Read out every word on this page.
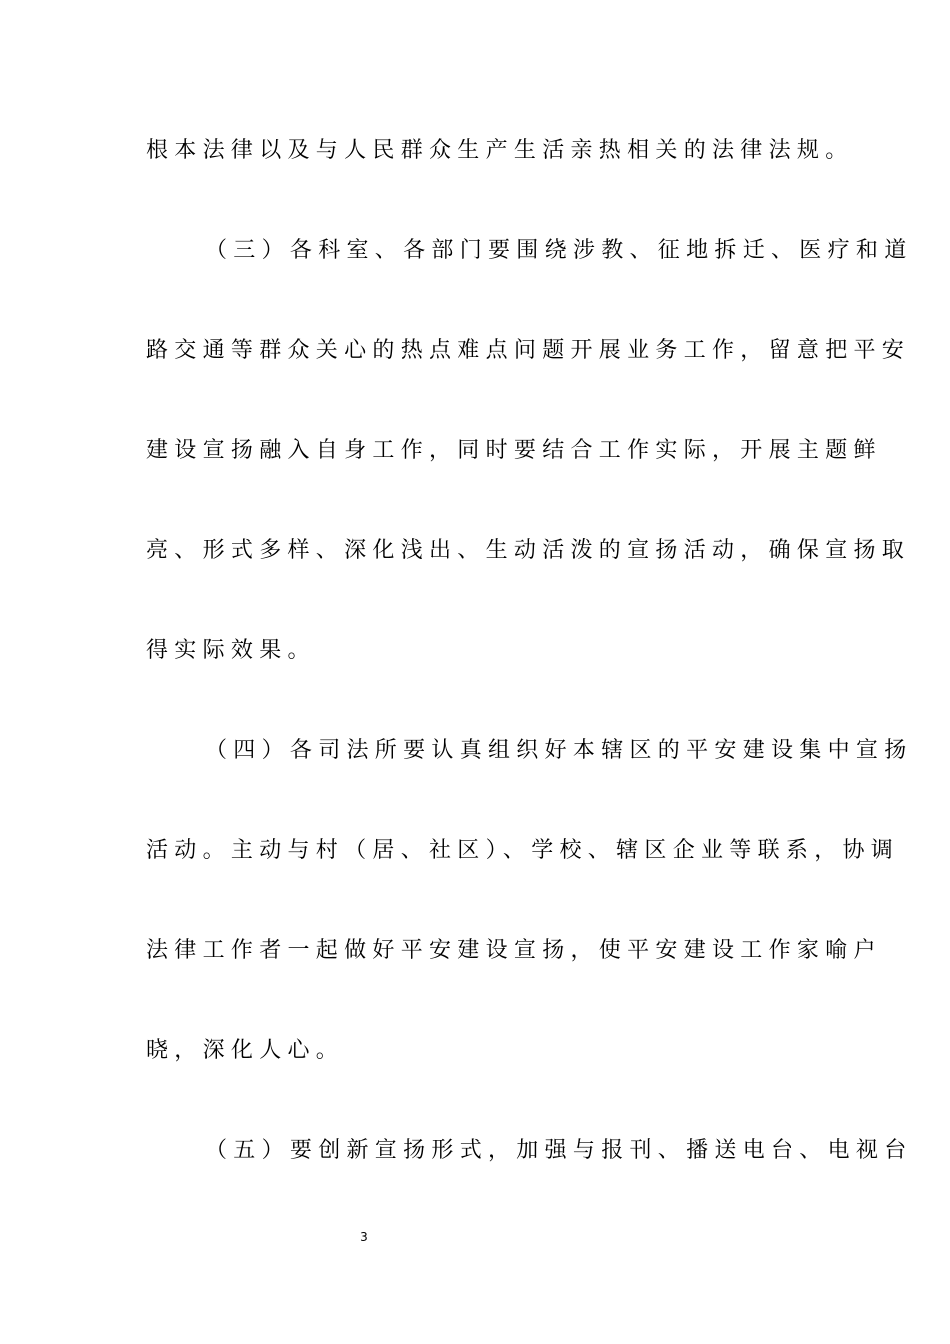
根本法律以及与人民群众生产生活亲热相关的法律法规。
（三）各科室、各部门要围绕涉教、征地拆迁、医疗和道
路交通等群众关心的热点难点问题开展业务工作，留意把平安
建设宣扬融入自身工作，同时要结合工作实际，开展主题鲜
亮、形式多样、深化浅出、生动活泼的宣扬活动，确保宣扬取
得实际效果。
（四）各司法所要认真组织好本辖区的平安建设集中宣扬
活动。主动与村（居、社区）、学校、辖区企业等联系，协调
法律工作者一起做好平安建设宣扬，使平安建设工作家喻户
晓，深化人心。
（五）要创新宣扬形式，加强与报刊、播送电台、电视台
3
